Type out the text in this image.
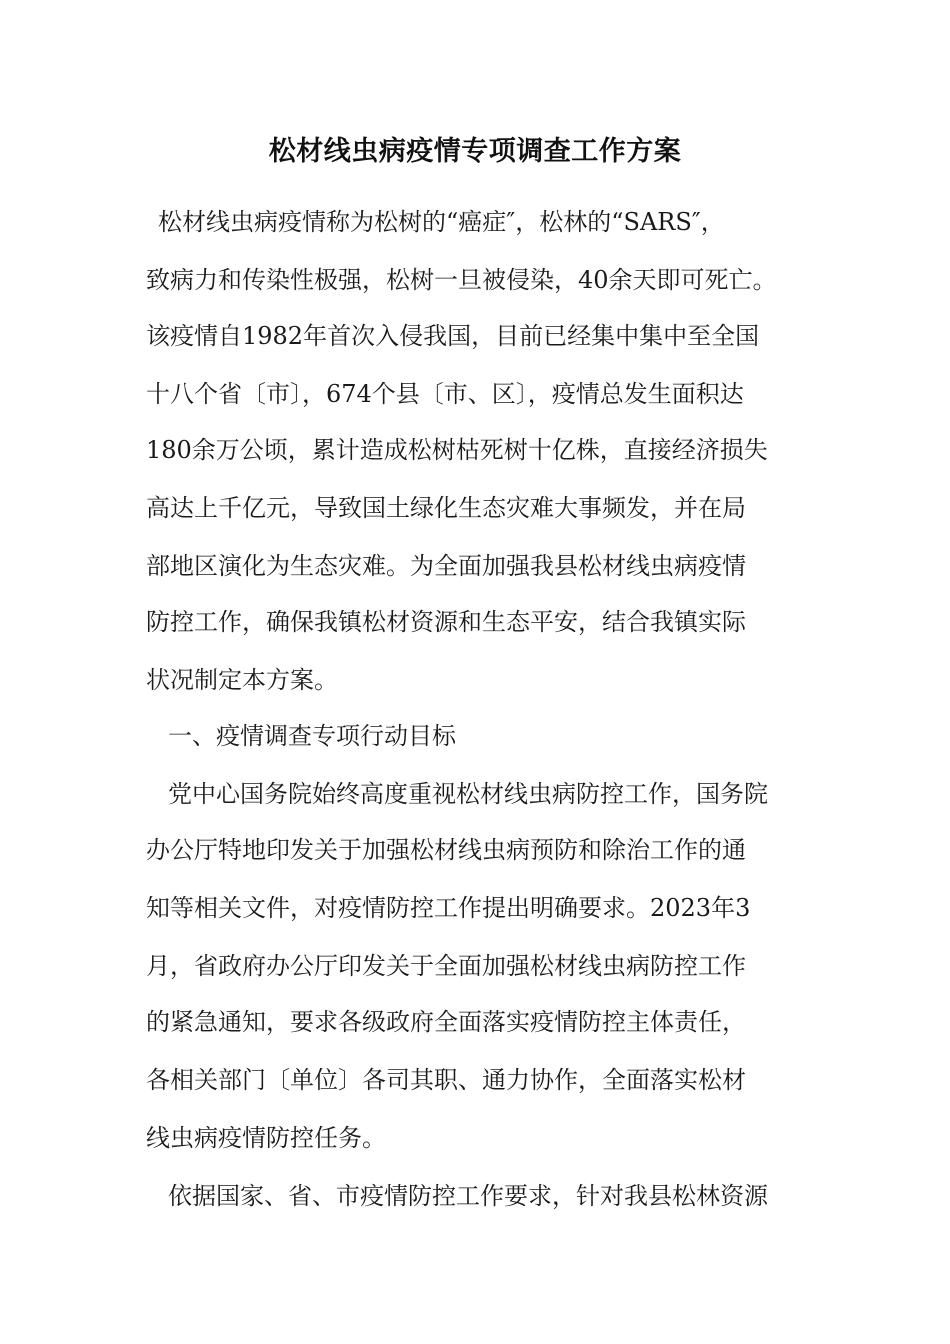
松材线虫病疫情专项调查工作方案
松材线虫病疫情称为松树的“癌症″，松林的“SARS″，
致病力和传染性极强，松树一旦被侵染，40余天即可死亡。
该疫情自1982年首次入侵我国，目前已经集中集中至全国
十八个省〔市〕，674个县〔市、区〕，疫情总发生面积达
180余万公顷，累计造成松树枯死树十亿株，直接经济损失
高达上千亿元，导致国土绿化生态灾难大事频发，并在局
部地区演化为生态灾难。为全面加强我县松材线虫病疫情
防控工作，确保我镇松材资源和生态平安，结合我镇实际
状况制定本方案。
一、疫情调查专项行动目标
党中心国务院始终高度重视松材线虫病防控工作，国务院
办公厅特地印发关于加强松材线虫病预防和除治工作的通
知等相关文件，对疫情防控工作提出明确要求。2023年3
月，省政府办公厅印发关于全面加强松材线虫病防控工作
的紧急通知，要求各级政府全面落实疫情防控主体责任，
各相关部门〔单位〕各司其职、通力协作，全面落实松材
线虫病疫情防控任务。
依据国家、省、市疫情防控工作要求，针对我县松林资源
